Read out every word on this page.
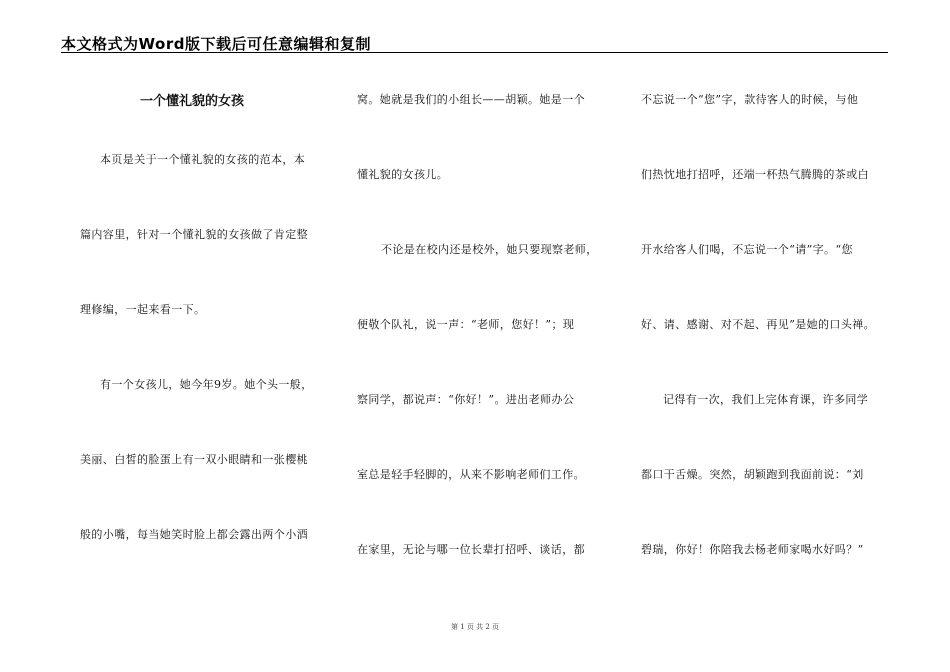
本文格式为Word版下载后可任意编辑和复制
一个懂礼貌的女孩
本页是关于一个懂礼貌的女孩的范本，本
篇内容里，针对一个懂礼貌的女孩做了肯定整
理修编，一起来看一下。
有一个女孩儿，她今年9岁。她个头一般，
美丽、白皙的脸蛋上有一双小眼睛和一张樱桃
般的小嘴，每当她笑时脸上都会露出两个小酒
窝。她就是我们的小组长——胡颖。她是一个
懂礼貌的女孩儿。
不论是在校内还是校外，她只要现察老师，
便敬个队礼，说一声：“老师，您好！”；现
察同学，都说声：“你好！”。进出老师办公
室总是轻手轻脚的，从来不影响老师们工作。
在家里，无论与哪一位长辈打招呼、谈话，都
不忘说一个“您”字，款待客人的时候，与他
们热忱地打招呼，还端一杯热气腾腾的茶或白
开水给客人们喝，不忘说一个“请”字。“您
好、请、感谢、对不起、再见”是她的口头禅。
记得有一次，我们上完体育课，许多同学
都口干舌燥。突然，胡颖跑到我面前说：“刘
碧瑞，你好！你陪我去杨老师家喝水好吗？”
第 1 页 共 2 页
